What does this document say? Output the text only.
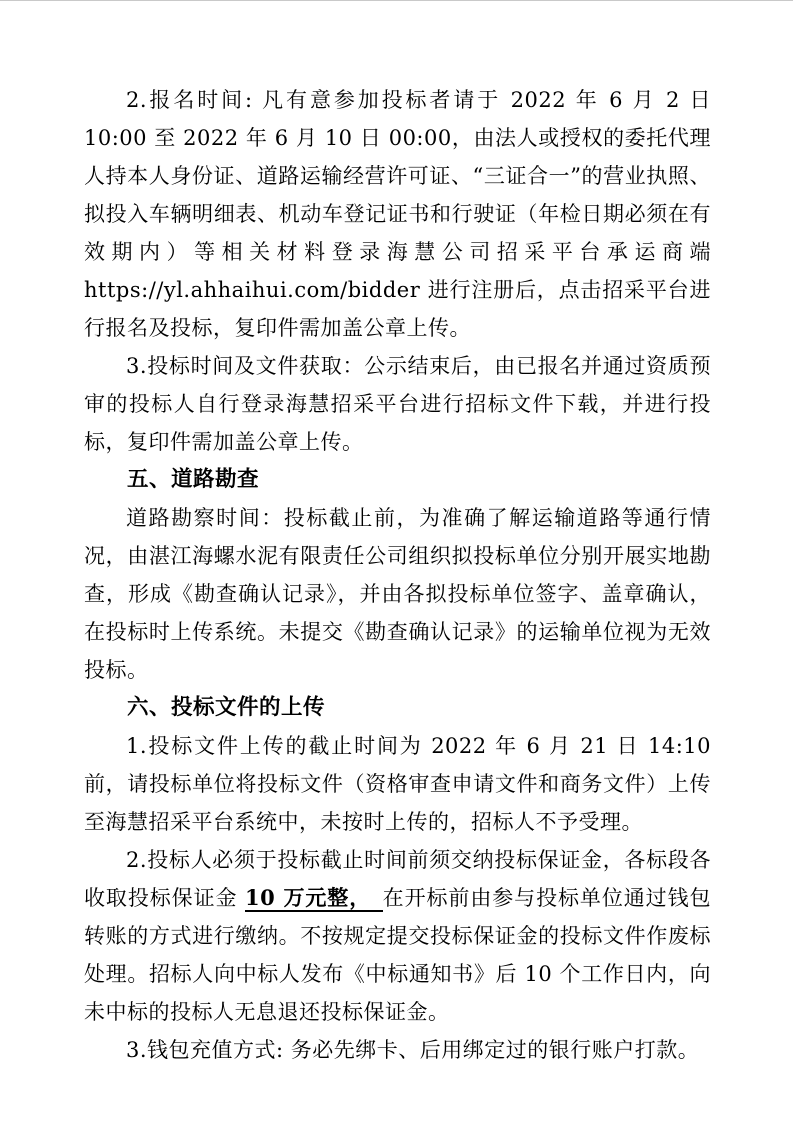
2.报名时间: 凡有意参加投标者请于 2022 年 6 月 2 日 10:00 至 2022 年 6 月 10 日 00:00，由法人或授权的委托代理人持本人身份证、道路运输经营许可证、“三证合一”的营业执照、拟投入车辆明细表、机动车登记证书和行驶证（年检日期必须在有效期内）等相关材料登录海慧公司招采平台承运商端 https://yl.ahhaihui.com/bidder 进行注册后，点击招采平台进行报名及投标，复印件需加盖公章上传。

3.投标时间及文件获取：公示结束后，由已报名并通过资质预审的投标人自行登录海慧招采平台进行招标文件下载，并进行投标，复印件需加盖公章上传。

五、道路勘查

道路勘察时间：投标截止前，为准确了解运输道路等通行情况，由湛江海螺水泥有限责任公司组织拟投标单位分别开展实地勘查，形成《勘查确认记录》，并由各拟投标单位签字、盖章确认，在投标时上传系统。未提交《勘查确认记录》的运输单位视为无效投标。

六、投标文件的上传

1.投标文件上传的截止时间为 2022 年 6 月 21 日 14:10 前，请投标单位将投标文件（资格审查申请文件和商务文件）上传至海慧招采平台系统中，未按时上传的，招标人不予受理。

2.投标人必须于投标截止时间前须交纳投标保证金，各标段各收取投标保证金 10 万元整， 在开标前由参与投标单位通过钱包转账的方式进行缴纳。不按规定提交投标保证金的投标文件作废标处理。招标人向中标人发布《中标通知书》后 10 个工作日内，向未中标的投标人无息退还投标保证金。

3.钱包充值方式: 务必先绑卡、后用绑定过的银行账户打款。
